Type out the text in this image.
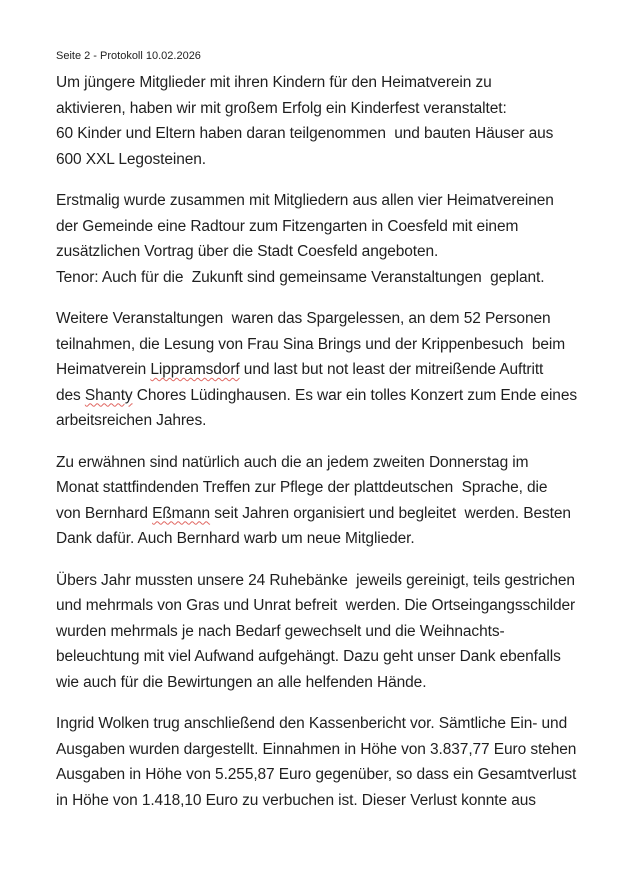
Seite 2 - Protokoll 10.02.2026
Um jüngere Mitglieder mit ihren Kindern für den Heimatverein zu
aktivieren, haben wir mit großem Erfolg ein Kinderfest veranstaltet:
60 Kinder und Eltern haben daran teilgenommen  und bauten Häuser aus
600 XXL Legosteinen.
Erstmalig wurde zusammen mit Mitgliedern aus allen vier Heimatvereinen
der Gemeinde eine Radtour zum Fitzengarten in Coesfeld mit einem
zusätzlichen Vortrag über die Stadt Coesfeld angeboten.
Tenor: Auch für die  Zukunft sind gemeinsame Veranstaltungen  geplant.
Weitere Veranstaltungen  waren das Spargelessen, an dem 52 Personen
teilnahmen, die Lesung von Frau Sina Brings und der Krippenbesuch  beim
Heimatverein Lippramsdorf und last but not least der mitreißende Auftritt
des Shanty Chores Lüdinghausen. Es war ein tolles Konzert zum Ende eines
arbeitsreichen Jahres.
Zu erwähnen sind natürlich auch die an jedem zweiten Donnerstag im
Monat stattfindenden Treffen zur Pflege der plattdeutschen  Sprache, die
von Bernhard Eßmann seit Jahren organisiert und begleitet  werden. Besten
Dank dafür. Auch Bernhard warb um neue Mitglieder.
Übers Jahr mussten unsere 24 Ruhebänke  jeweils gereinigt, teils gestrichen
und mehrmals von Gras und Unrat befreit  werden. Die Ortseingangsschilder
wurden mehrmals je nach Bedarf gewechselt und die Weihnachts-
beleuchtung mit viel Aufwand aufgehängt. Dazu geht unser Dank ebenfalls
wie auch für die Bewirtungen an alle helfenden Hände.
Ingrid Wolken trug anschließend den Kassenbericht vor. Sämtliche Ein- und
Ausgaben wurden dargestellt. Einnahmen in Höhe von 3.837,77 Euro stehen
Ausgaben in Höhe von 5.255,87 Euro gegenüber, so dass ein Gesamtverlust
in Höhe von 1.418,10 Euro zu verbuchen ist. Dieser Verlust konnte aus
